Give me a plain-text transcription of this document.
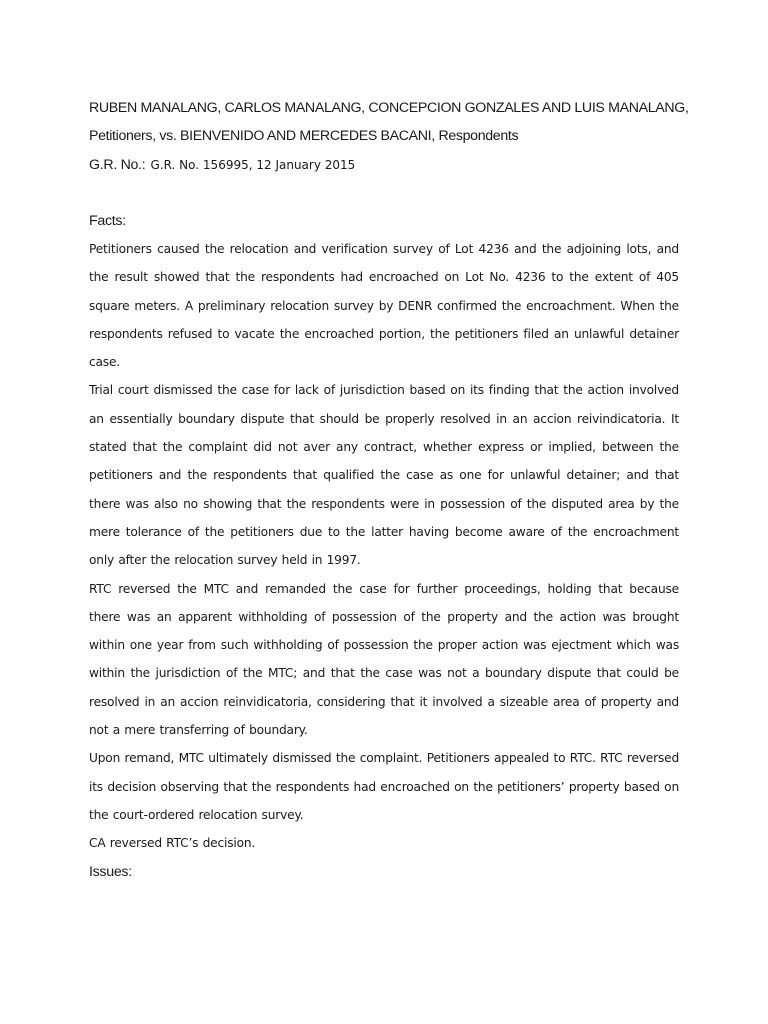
RUBEN MANALANG, CARLOS MANALANG, CONCEPCION GONZALES AND LUIS MANALANG,

Petitioners, vs. BIENVENIDO AND MERCEDES BACANI, Respondents

G.R. No.: G.R. No. 156995, 12 January 2015

Facts:

Petitioners caused the relocation and verification survey of Lot 4236 and the adjoining lots, and the result showed that the respondents had encroached on Lot No. 4236 to the extent of 405 square meters. A preliminary relocation survey by DENR confirmed the encroachment. When the respondents refused to vacate the encroached portion, the petitioners filed an unlawful detainer case.

Trial court dismissed the case for lack of jurisdiction based on its finding that the action involved an essentially boundary dispute that should be properly resolved in an accion reivindicatoria. It stated that the complaint did not aver any contract, whether express or implied, between the petitioners and the respondents that qualified the case as one for unlawful detainer; and that there was also no showing that the respondents were in possession of the disputed area by the mere tolerance of the petitioners due to the latter having become aware of the encroachment only after the relocation survey held in 1997.

RTC reversed the MTC and remanded the case for further proceedings, holding that because there was an apparent withholding of possession of the property and the action was brought within one year from such withholding of possession the proper action was ejectment which was within the jurisdiction of the MTC; and that the case was not a boundary dispute that could be resolved in an accion reinvidicatoria, considering that it involved a sizeable area of property and not a mere transferring of boundary.

Upon remand, MTC ultimately dismissed the complaint. Petitioners appealed to RTC. RTC reversed its decision observing that the respondents had encroached on the petitioners’ property based on the court-ordered relocation survey.

CA reversed RTC’s decision.

Issues:
